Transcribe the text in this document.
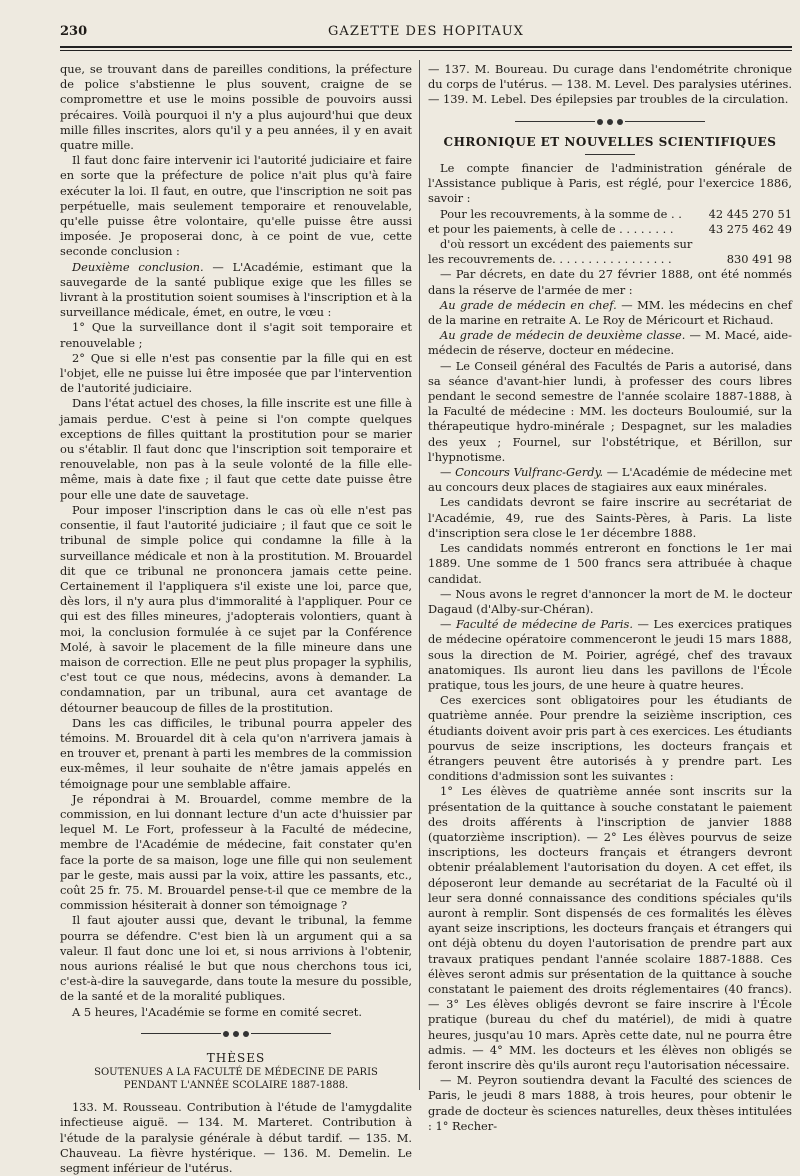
230	GAZETTE DES HOPITAUX

que, se trouvant dans de pareilles conditions, la préfecture de police s'abstienne le plus souvent, craigne de se compromettre et use le moins possible de pouvoirs aussi précaires. Voilà pourquoi il n'y a plus aujourd'hui que deux mille filles inscrites, alors qu'il y a peu années, il y en avait quatre mille.

Il faut donc faire intervenir ici l'autorité judiciaire et faire en sorte que la préfecture de police n'ait plus qu'à faire exécuter la loi. Il faut, en outre, que l'inscription ne soit pas perpétuelle, mais seulement temporaire et renouvelable, qu'elle puisse être volontaire, qu'elle puisse être aussi imposée. Je proposerai donc, à ce point de vue, cette seconde conclusion :

Deuxième conclusion. — L'Académie, estimant que la sauvegarde de la santé publique exige que les filles se livrant à la prostitution soient soumises à l'inscription et à la surveillance médicale, émet, en outre, le vœu :

1° Que la surveillance dont il s'agit soit temporaire et renouvelable ;

2° Que si elle n'est pas consentie par la fille qui en est l'objet, elle ne puisse lui être imposée que par l'intervention de l'autorité judiciaire.

Dans l'état actuel des choses, la fille inscrite est une fille à jamais perdue. C'est à peine si l'on compte quelques exceptions de filles quittant la prostitution pour se marier ou s'établir. Il faut donc que l'inscription soit temporaire et renouvelable, non pas à la seule volonté de la fille elle-même, mais à date fixe ; il faut que cette date puisse être pour elle une date de sauvetage.

Pour imposer l'inscription dans le cas où elle n'est pas consentie, il faut l'autorité judiciaire ; il faut que ce soit le tribunal de simple police qui condamne la fille à la surveillance médicale et non à la prostitution. M. Brouardel dit que ce tribunal ne prononcera jamais cette peine. Certainement il l'appliquera s'il existe une loi, parce que, dès lors, il n'y aura plus d'immoralité à l'appliquer. Pour ce qui est des filles mineures, j'adopterais volontiers, quant à moi, la conclusion formulée à ce sujet par la Conférence Molé, à savoir le placement de la fille mineure dans une maison de correction. Elle ne peut plus propager la syphilis, c'est tout ce que nous, médecins, avons à demander. La condamnation, par un tribunal, aura cet avantage de détourner beaucoup de filles de la prostitution.

Dans les cas difficiles, le tribunal pourra appeler des témoins. M. Brouardel dit à cela qu'on n'arrivera jamais à en trouver et, prenant à parti les membres de la commission eux-mêmes, il leur souhaite de n'être jamais appelés en témoignage pour une semblable affaire.

Je répondrai à M. Brouardel, comme membre de la commission, en lui donnant lecture d'un acte d'huissier par lequel M. Le Fort, professeur à la Faculté de médecine, membre de l'Académie de médecine, fait constater qu'en face la porte de sa maison, loge une fille qui non seulement par le geste, mais aussi par la voix, attire les passants, etc., coût 25 fr. 75. M. Brouardel pense-t-il que ce membre de la commission hésiterait à donner son témoignage ?

Il faut ajouter aussi que, devant le tribunal, la femme pourra se défendre. C'est bien là un argument qui a sa valeur. Il faut donc une loi et, si nous arrivions à l'obtenir, nous aurions réalisé le but que nous cherchons tous ici, c'est-à-dire la sauvegarde, dans toute la mesure du possible, de la santé et de la moralité publiques.

A 5 heures, l'Académie se forme en comité secret.

THÈSES

SOUTENUES A LA FACULTÉ DE MÉDECINE DE PARIS

PENDANT L'ANNÉE SCOLAIRE 1887-1888.

133. M. Rousseau. Contribution à l'étude de l'amygdalite infectieuse aiguë. — 134. M. Marteret. Contribution à l'étude de la paralysie générale à début tardif. — 135. M. Chauveau. La fièvre hystérique. — 136. M. Demelin. Le segment inférieur de l'utérus.

— 137. M. Boureau. Du curage dans l'endométrite chronique du corps de l'utérus. — 138. M. Level. Des paralysies utérines. — 139. M. Lebel. Des épilepsies par troubles de la circulation.

CHRONIQUE ET NOUVELLES SCIENTIFIQUES

Le compte financier de l'administration générale de l'Assistance publique à Paris, est réglé, pour l'exercice 1886, savoir :

Pour les recouvrements, à la somme de . .	42 445 270 51
et pour les paiements, à celle de . . . . . . . .	43 275 462 49

d'où ressort un excédent des paiements sur

les recouvrements de. . . . . . . . . . . . . . . . .	830 491 98

— Par décrets, en date du 27 février 1888, ont été nommés dans la réserve de l'armée de mer :

Au grade de médecin en chef. — MM. les médecins en chef de la marine en retraite A. Le Roy de Méricourt et Richaud.

Au grade de médecin de deuxième classe. — M. Macé, aide-médecin de réserve, docteur en médecine.

— Le Conseil général des Facultés de Paris a autorisé, dans sa séance d'avant-hier lundi, à professer des cours libres pendant le second semestre de l'année scolaire 1887-1888, à la Faculté de médecine : MM. les docteurs Bouloumié, sur la thérapeutique hydro-minérale ; Despagnet, sur les maladies des yeux ; Fournel, sur l'obstétrique, et Bérillon, sur l'hypnotisme.

— Concours Vulfranc-Gerdy. — L'Académie de médecine met au concours deux places de stagiaires aux eaux minérales.

Les candidats devront se faire inscrire au secrétariat de l'Académie, 49, rue des Saints-Pères, à Paris. La liste d'inscription sera close le 1er décembre 1888.

Les candidats nommés entreront en fonctions le 1er mai 1889. Une somme de 1 500 francs sera attribuée à chaque candidat.

— Nous avons le regret d'annoncer la mort de M. le docteur Dagaud (d'Alby-sur-Chéran).

— Faculté de médecine de Paris. — Les exercices pratiques de médecine opératoire commenceront le jeudi 15 mars 1888, sous la direction de M. Poirier, agrégé, chef des travaux anatomiques. Ils auront lieu dans les pavillons de l'École pratique, tous les jours, de une heure à quatre heures.

Ces exercices sont obligatoires pour les étudiants de quatrième année. Pour prendre la seizième inscription, ces étudiants doivent avoir pris part à ces exercices. Les étudiants pourvus de seize inscriptions, les docteurs français et étrangers peuvent être autorisés à y prendre part. Les conditions d'admission sont les suivantes :

1° Les élèves de quatrième année sont inscrits sur la présentation de la quittance à souche constatant le paiement des droits afférents à l'inscription de janvier 1888 (quatorzième inscription). — 2° Les élèves pourvus de seize inscriptions, les docteurs français et étrangers devront obtenir préalablement l'autorisation du doyen. A cet effet, ils déposeront leur demande au secrétariat de la Faculté où il leur sera donné connaissance des conditions spéciales qu'ils auront à remplir. Sont dispensés de ces formalités les élèves ayant seize inscriptions, les docteurs français et étrangers qui ont déjà obtenu du doyen l'autorisation de prendre part aux travaux pratiques pendant l'année scolaire 1887-1888. Ces élèves seront admis sur présentation de la quittance à souche constatant le paiement des droits réglementaires (40 francs). — 3° Les élèves obligés devront se faire inscrire à l'École pratique (bureau du chef du matériel), de midi à quatre heures, jusqu'au 10 mars. Après cette date, nul ne pourra être admis. — 4° MM. les docteurs et les élèves non obligés se feront inscrire dès qu'ils auront reçu l'autorisation nécessaire.

— M. Peyron soutiendra devant la Faculté des sciences de Paris, le jeudi 8 mars 1888, à trois heures, pour obtenir le grade de docteur ès sciences naturelles, deux thèses intitulées : 1° Recher-
